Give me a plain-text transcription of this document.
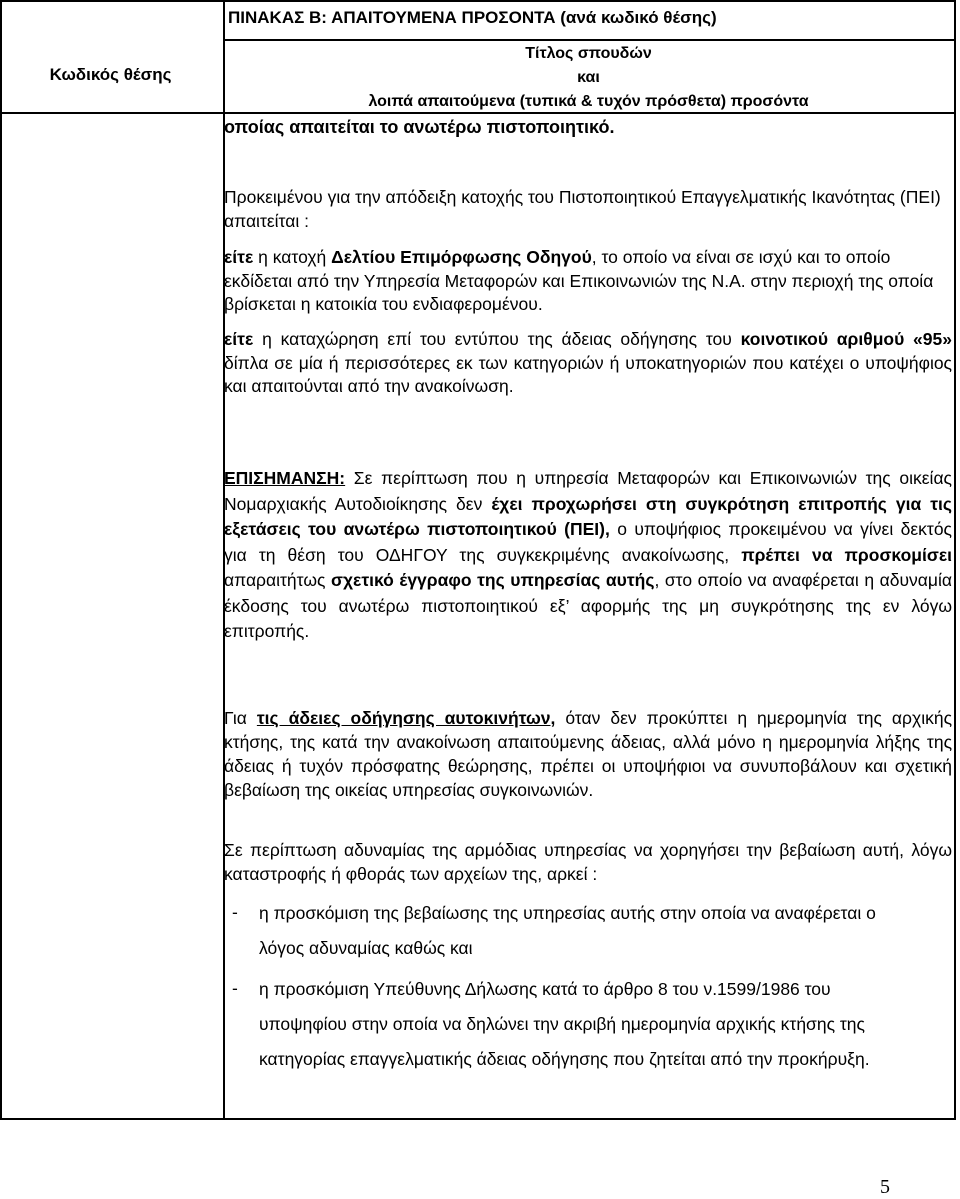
ΠΙΝΑΚΑΣ Β: ΑΠΑΙΤΟΥΜΕΝΑ ΠΡΟΣΟΝΤΑ (ανά κωδικό θέσης)
Κωδικός θέσης
Τίτλος σπουδών
και
λοιπά απαιτούμενα (τυπικά & τυχόν πρόσθετα) προσόντα
οποίας απαιτείται το ανωτέρω πιστοποιητικό.
Προκειμένου για την απόδειξη κατοχής του Πιστοποιητικού Επαγγελματικής Ικανότητας (ΠΕΙ) απαιτείται :
είτε η κατοχή Δελτίου Επιμόρφωσης Οδηγού, το οποίο να είναι σε ισχύ και το οποίο εκδίδεται από την Υπηρεσία Μεταφορών και Επικοινωνιών της Ν.Α. στην περιοχή της οποία βρίσκεται η κατοικία του ενδιαφερομένου.
είτε η καταχώρηση επί του εντύπου της άδειας οδήγησης του κοινοτικού αριθμού «95» δίπλα σε μία ή περισσότερες εκ των κατηγοριών ή υποκατηγοριών που κατέχει ο υποψήφιος και απαιτούνται από την ανακοίνωση.
ΕΠΙΣΗΜΑΝΣΗ: Σε περίπτωση που η υπηρεσία Μεταφορών και Επικοινωνιών της οικείας Νομαρχιακής Αυτοδιοίκησης δεν έχει προχωρήσει στη συγκρότηση επιτροπής για τις εξετάσεις του ανωτέρω πιστοποιητικού (ΠΕΙ), ο υποψήφιος προκειμένου να γίνει δεκτός για τη θέση του ΟΔΗΓΟΥ της συγκεκριμένης ανακοίνωσης, πρέπει να προσκομίσει απαραιτήτως σχετικό έγγραφο της υπηρεσίας αυτής, στο οποίο να αναφέρεται η αδυναμία έκδοσης του ανωτέρω πιστοποιητικού εξ’ αφορμής της μη συγκρότησης της εν λόγω επιτροπής.
Για τις άδειες οδήγησης αυτοκινήτων, όταν δεν προκύπτει η ημερομηνία της αρχικής κτήσης, της κατά την ανακοίνωση απαιτούμενης άδειας, αλλά μόνο η ημερομηνία λήξης της άδειας ή τυχόν πρόσφατης θεώρησης, πρέπει οι υποψήφιοι να συνυποβάλουν και σχετική βεβαίωση της οικείας υπηρεσίας συγκοινωνιών.
Σε περίπτωση αδυναμίας της αρμόδιας υπηρεσίας να χορηγήσει την βεβαίωση αυτή, λόγω καταστροφής ή φθοράς των αρχείων της, αρκεί :
- η προσκόμιση της βεβαίωσης της υπηρεσίας αυτής στην οποία να αναφέρεται ο λόγος αδυναμίας καθώς και
- η προσκόμιση Υπεύθυνης Δήλωσης κατά το άρθρο 8 του ν.1599/1986 του υποψηφίου στην οποία να δηλώνει την ακριβή ημερομηνία αρχικής κτήσης της κατηγορίας επαγγελματικής άδειας οδήγησης που ζητείται από την προκήρυξη.
5
